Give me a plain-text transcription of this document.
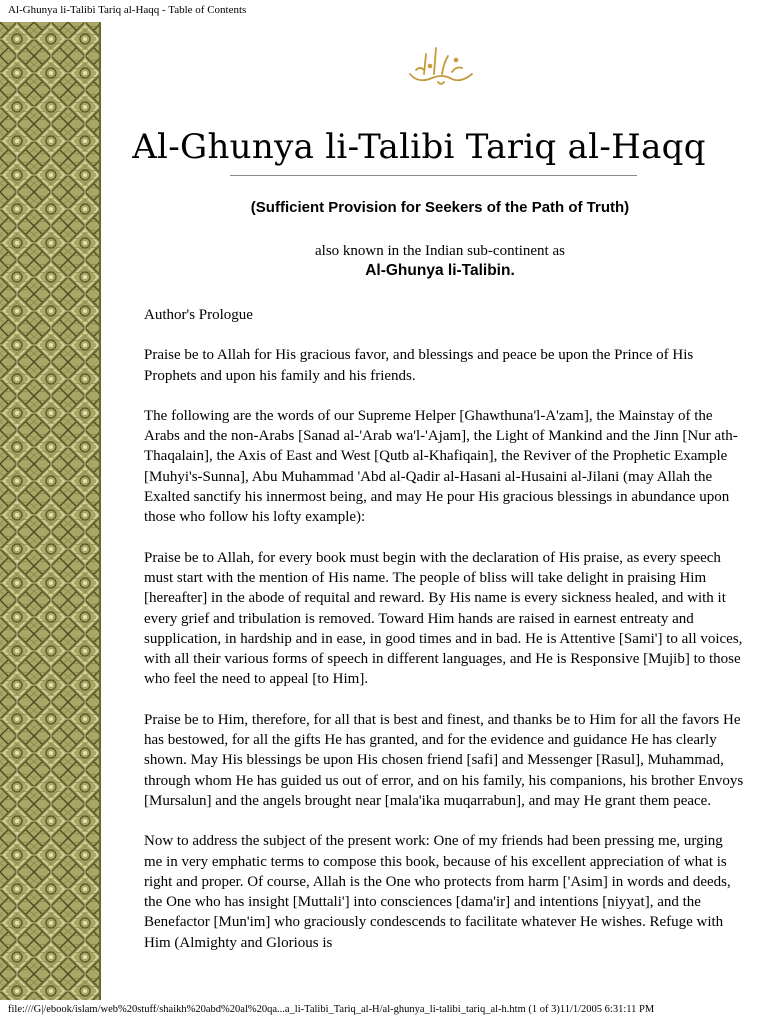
Al-Ghunya li-Talibi Tariq al-Haqq - Table of Contents
Al-Ghunya li-Talibi Tariq al-Haqq
(Sufficient Provision for Seekers of the Path of Truth)
also known in the Indian sub-continent as
Al-Ghunya li-Talibin.

Author's Prologue

Praise be to Allah for His gracious favor, and blessings and peace be upon the Prince of His Prophets and upon his family and his friends.

The following are the words of our Supreme Helper [Ghawthuna'l-A'zam], the Mainstay of the Arabs and the non-Arabs [Sanad al-'Arab wa'l-'Ajam], the Light of Mankind and the Jinn [Nur ath-Thaqalain], the Axis of East and West [Qutb al-Khafiqain], the Reviver of the Prophetic Example [Muhyi's-Sunna], Abu Muhammad 'Abd al-Qadir al-Hasani al-Husaini al-Jilani (may Allah the Exalted sanctify his innermost being, and may He pour His gracious blessings in abundance upon those who follow his lofty example):

Praise be to Allah, for every book must begin with the declaration of His praise, as every speech must start with the mention of His name. The people of bliss will take delight in praising Him [hereafter] in the abode of requital and reward. By His name is every sickness healed, and with it every grief and tribulation is removed. Toward Him hands are raised in earnest entreaty and supplication, in hardship and in ease, in good times and in bad. He is Attentive [Sami'] to all voices, with all their various forms of speech in different languages, and He is Responsive [Mujib] to those who feel the need to appeal [to Him].

Praise be to Him, therefore, for all that is best and finest, and thanks be to Him for all the favors He has bestowed, for all the gifts He has granted, and for the evidence and guidance He has clearly shown. May His blessings be upon His chosen friend [safi] and Messenger [Rasul], Muhammad, through whom He has guided us out of error, and on his family, his companions, his brother Envoys [Mursalun] and the angels brought near [mala'ika muqarrabun], and may He grant them peace.

Now to address the subject of the present work: One of my friends had been pressing me, urging me in very emphatic terms to compose this book, because of his excellent appreciation of what is right and proper. Of course, Allah is the One who protects from harm ['Asim] in words and deeds, the One who has insight [Muttali'] into consciences [dama'ir] and intentions [niyyat], and the Benefactor [Mun'im] who graciously condescends to facilitate whatever He wishes. Refuge with Him (Almighty and Glorious is

file:///G|/ebook/islam/web%20stuff/shaikh%20abd%20al%20qa...a_li-Talibi_Tariq_al-H/al-ghunya_li-talibi_tariq_al-h.htm (1 of 3)11/1/2005 6:31:11 PM
